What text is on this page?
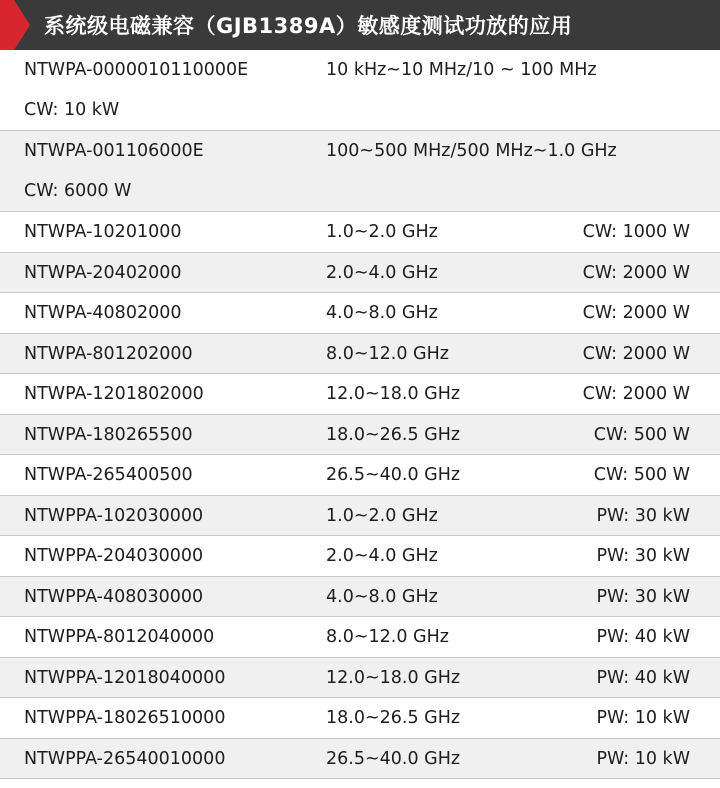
系统级电磁兼容（GJB1389A）敏感度测试功放的应用
NTWPA-0000010110000E	10 kHz~10 MHz/10 ~ 100 MHz
CW: 10 kW
NTWPA-001106000E	100~500 MHz/500 MHz~1.0 GHz
CW: 6000 W
NTWPA-10201000	1.0~2.0 GHz	CW: 1000 W
NTWPA-20402000	2.0~4.0 GHz	CW: 2000 W
NTWPA-40802000	4.0~8.0 GHz	CW: 2000 W
NTWPA-801202000	8.0~12.0 GHz	CW: 2000 W
NTWPA-1201802000	12.0~18.0 GHz	CW: 2000 W
NTWPA-180265500	18.0~26.5 GHz	CW: 500 W
NTWPA-265400500	26.5~40.0 GHz	CW: 500 W
NTWPPA-102030000	1.0~2.0 GHz	PW: 30 kW
NTWPPA-204030000	2.0~4.0 GHz	PW: 30 kW
NTWPPA-408030000	4.0~8.0 GHz	PW: 30 kW
NTWPPA-8012040000	8.0~12.0 GHz	PW: 40 kW
NTWPPA-12018040000	12.0~18.0 GHz	PW: 40 kW
NTWPPA-18026510000	18.0~26.5 GHz	PW: 10 kW
NTWPPA-26540010000	26.5~40.0 GHz	PW: 10 kW
